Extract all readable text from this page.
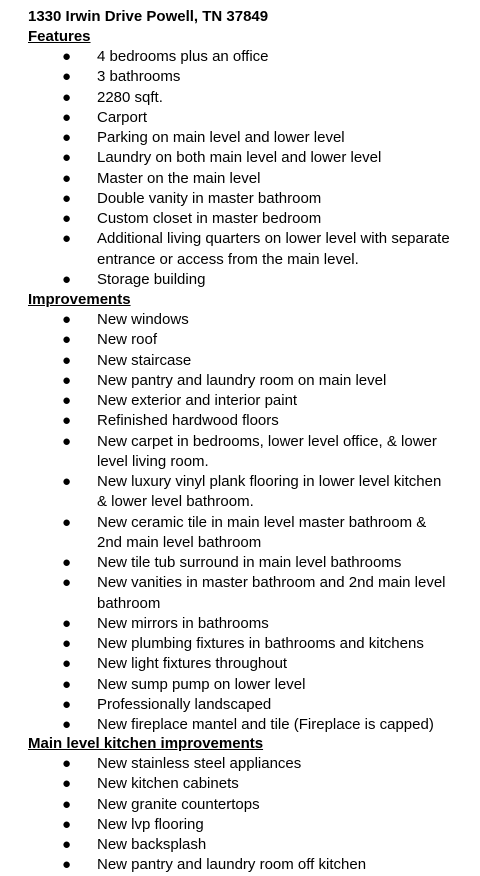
1330 Irwin Drive Powell, TN 37849
Features
● 4 bedrooms plus an office
● 3 bathrooms
● 2280 sqft.
● Carport
● Parking on main level and lower level
● Laundry on both main level and lower level
● Master on the main level
● Double vanity in master bathroom
● Custom closet in master bedroom
● Additional living quarters on lower level with separate entrance or access from the main level.
● Storage building
Improvements
● New windows
● New roof
● New staircase
● New pantry and laundry room on main level
● New exterior and interior paint
● Refinished hardwood floors
● New carpet in bedrooms, lower level office, & lower level living room.
● New luxury vinyl plank flooring in lower level kitchen & lower level bathroom.
● New ceramic tile in main level master bathroom & 2nd main level bathroom
● New tile tub surround in main level bathrooms
● New vanities in master bathroom and 2nd main level bathroom
● New mirrors in bathrooms
● New plumbing fixtures in bathrooms and kitchens
● New light fixtures throughout
● New sump pump on lower level
● Professionally landscaped
● New fireplace mantel and tile (Fireplace is capped)
Main level kitchen improvements
● New stainless steel appliances
● New kitchen cabinets
● New granite countertops
● New lvp flooring
● New backsplash
● New pantry and laundry room off kitchen
